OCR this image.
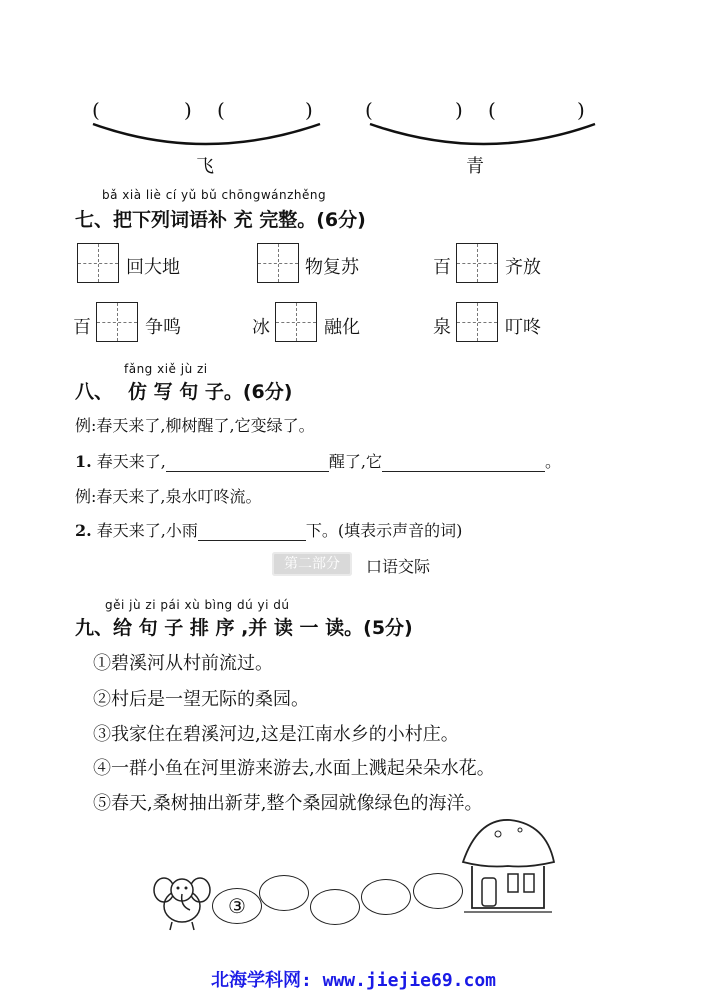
(	) (	)	(	) (	)
飞	青
bǎ xià liè cí yǔ bǔ chōngwánzhěng
七、把下列词语补 充 完整。(6分)
回大地	物复苏	百	齐放
百	争鸣	冰	融化	泉	叮咚
fǎng xiě jù zi
八、 仿 写 句 子。(6分)
例:春天来了,柳树醒了,它变绿了。
1. 春天来了,	醒了,它	。
例:春天来了,泉水叮咚流。
2. 春天来了,小雨	下。(填表示声音的词)
第二部分	口语交际
gěi jù zi pái xù bìng dú yi dú
九、给 句 子 排 序 ,并 读 一 读。(5分)
①碧溪河从村前流过。
②村后是一望无际的桑园。
③我家住在碧溪河边,这是江南水乡的小村庄。
④一群小鱼在河里游来游去,水面上溅起朵朵水花。
⑤春天,桑树抽出新芽,整个桑园就像绿色的海洋。
③
北海学科网: www.jiejie69.com
